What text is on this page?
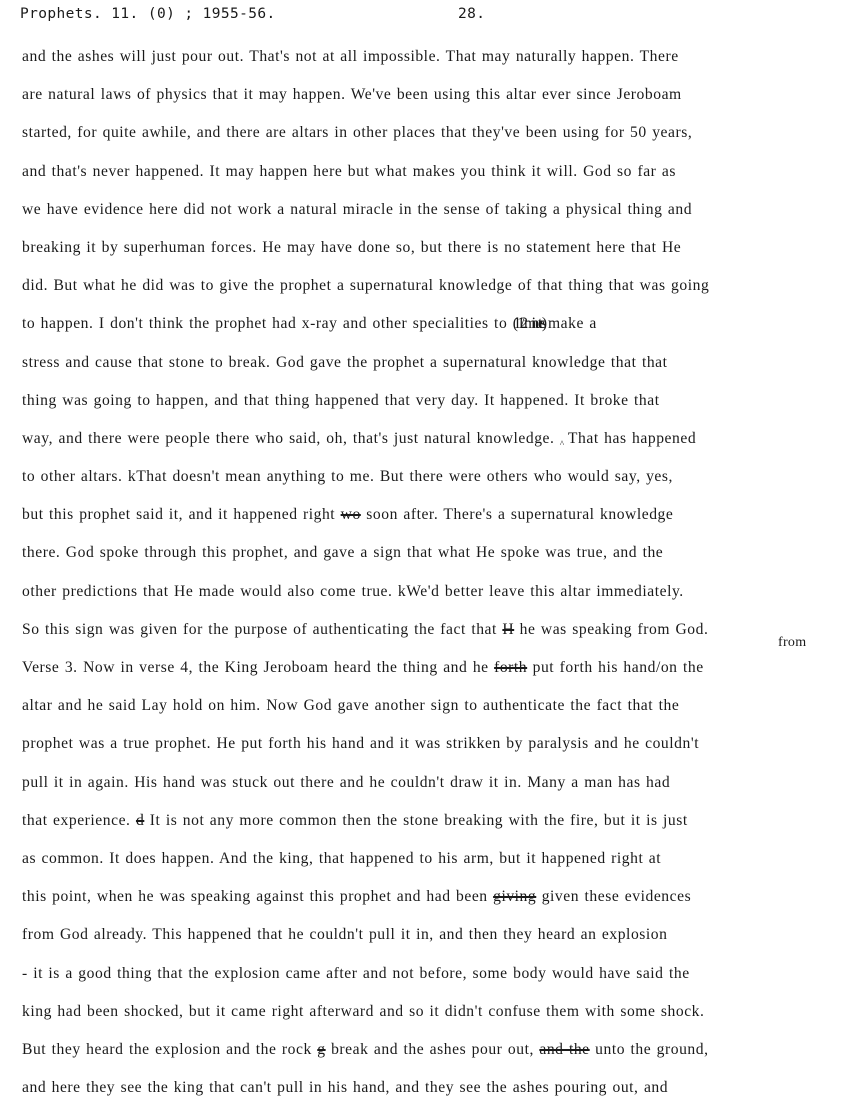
Prophets. 11. (0) ; 1955-56.	28.
and the ashes will just pour out. That's not at all impossible. That may naturally happen. There
are natural laws of physics that it may happen. We've been using this altar ever since Jeroboam
started, for quite awhile, and there are altars in other places that they've been using for 50 years,
and that's never happened. It may happen here but what makes you think it will. God so far as
we have evidence here did not work a natural miracle in the sense of taking a physical thing and
breaking it by superhuman forces. He may have done so, but there is no statement here that He
did. But what he did was to give the prophet a supernatural knowledge of that thing that was going
to happen. I don't think the prophet had x-ray and other specialities to (1 1/2 minutes) make a
stress and cause that stone to break. God gave the prophet a supernatural knowledge that that
thing was going to happen, and that thing happened that very day. It happened. It broke that
way, and there were people there who said, oh, that's just natural knowledge. ^ That has happened
to other altars. kThat doesn't mean anything to me. But there were others who would say, yes,
but this prophet said it, and it happened right wo soon after. There's a supernatural knowledge
there. God spoke through this prophet, and gave a sign that what He spoke was true, and the
other predictions that He made would also come true. kWe'd better leave this altar immediately.
So this sign was given for the purpose of authenticating the fact that H he was speaking from God.
Verse 3. Now in verse 4, the King Jeroboam heard the thing and he forth put forth his hand/on the
from
altar and he said Lay hold on him. Now God gave another sign to authenticate the fact that the
prophet was a true prophet. He put forth his hand and it was strikken by paralysis and he couldn't
pull it in again. His hand was stuck out there and he couldn't draw it in. Many a man has had
that experience. d It is not any more common then the stone breaking with the fire, but it is just
as common. It does happen. And the king, that happened to his arm, but it happened right at
this point, when he was speaking against this prophet and had been giving given these evidences
from God already. This happened that he couldn't pull it in, and then they heard an explosion
- it is a good thing that the explosion came after and not before, some body would have said the
king had been shocked, but it came right afterward and so it didn't confuse them with some shock.
But they heard the explosion and the rock g break and the ashes pour out, and the unto the ground,
and here they see the king that can't pull in his hand, and they see the ashes pouring out, and
